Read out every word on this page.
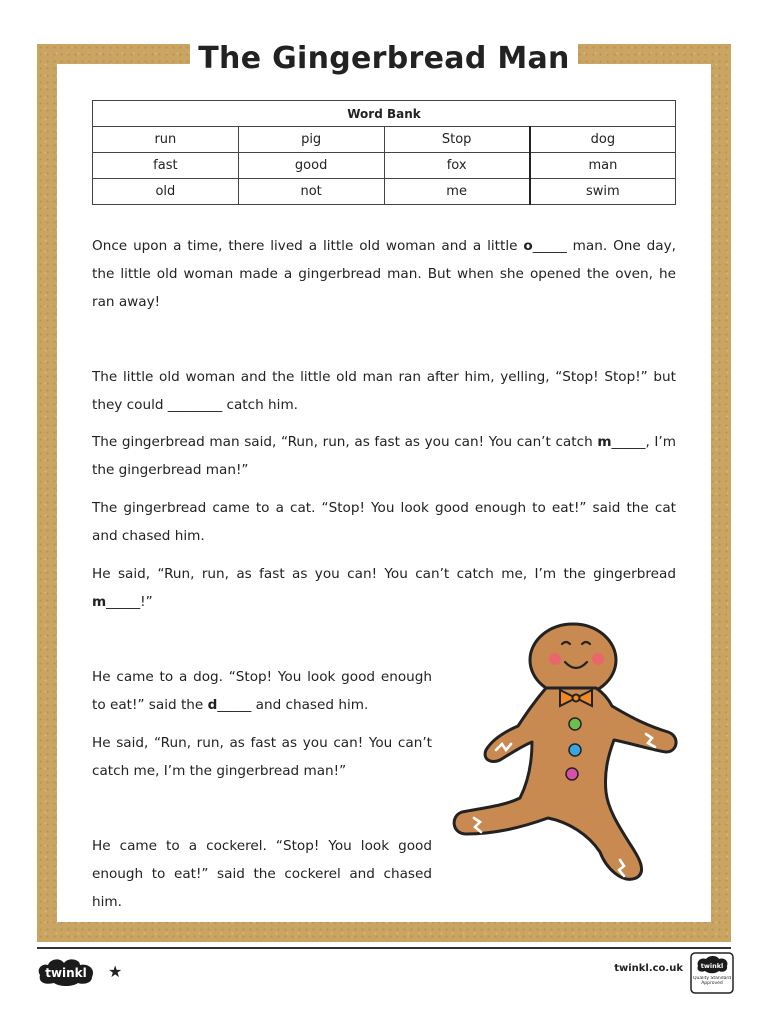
The Gingerbread Man
Word Bank			
run	pig	Stop	dog
fast	good	fox	man
old	not	me	swim

Once upon a time, there lived a little old woman and a little o_____ man. One day, the little old woman made a gingerbread man. But when she opened the oven, he ran away!

The little old woman and the little old man ran after him, yelling, “Stop! Stop!” but they could ________ catch him.

The gingerbread man said, “Run, run, as fast as you can! You can’t catch m_____, I’m the gingerbread man!”

The gingerbread came to a cat. “Stop! You look good enough to eat!” said the cat and chased him.

He said, “Run, run, as fast as you can! You can’t catch me, I’m the gingerbread m_____!”

He came to a dog. “Stop! You look good enough to eat!” said the d_____ and chased him.

He said, “Run, run, as fast as you can! You can’t catch me, I’m the gingerbread man!”

He came to a cockerel. “Stop! You look good enough to eat!” said the cockerel and chased him.

twinkl ★	twinkl.co.uk	twinkl
Quality Standard Approved
